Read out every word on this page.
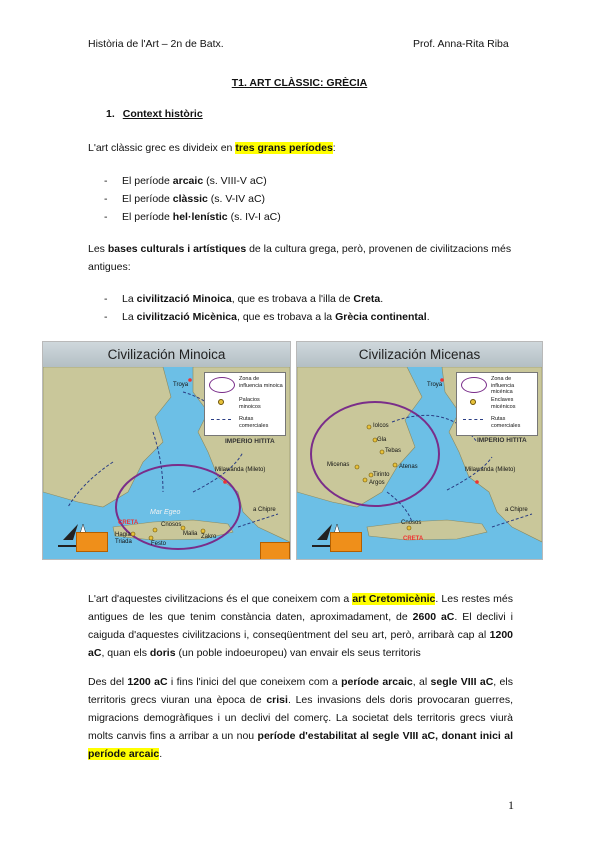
Història de l'Art – 2n de Batx.	Prof. Anna-Rita Riba
T1. ART CLÀSSIC: GRÈCIA
1. Context històric
L'art clàssic grec es divideix en tres grans períodes:
- El període arcaic (s. VIII-V aC)
- El període clàssic (s. V-IV aC)
- El període hel·lenístic (s. IV-I aC)
Les bases culturals i artístiques de la cultura grega, però, provenen de civilitzacions més antigues:
- La civilització Minoica, que es trobava a l'illa de Creta.
- La civilització Micènica, que es trobava a la Grècia continental.
Civilización Minoica
Zona de influencia minoica
Palacios minoicos
Rutas comerciales
Troya
IMPERIO HITITA
Milawanda (Mileto)
Mar Egeo
CRETA	Cnosos
Malia Zakro
Hagia Triada	Festo
a Chipre
Civilización Micenas
Zona de influencia micénica
Enclaves micénicos
Rutas comerciales
Troya
IMPERIO HITITA
Milawanda (Mileto)
Iolcos
Gla
Tebas
Micenas	Atenas
Tirinto
Argos
Cnosos
CRETA
a Chipre
L'art d'aquestes civilitzacions és el que coneixem com a art Cretomicènic. Les restes més antigues de les que tenim constància daten, aproximadament, de 2600 aC. El declivi i caiguda d'aquestes civilitzacions i, conseqüentment del seu art, però, arribarà cap al 1200 aC, quan els doris (un poble indoeuropeu) van envair els seus territoris
Des del 1200 aC i fins l'inici del que coneixem com a període arcaic, al segle VIII aC, els territoris grecs viuran una època de crisi. Les invasions dels doris provocaran guerres, migracions demogràfiques i un declivi del comerç. La societat dels territoris grecs viurà molts canvis fins a arribar a un nou període d'estabilitat al segle VIII aC, donant inici al període arcaic.
1
